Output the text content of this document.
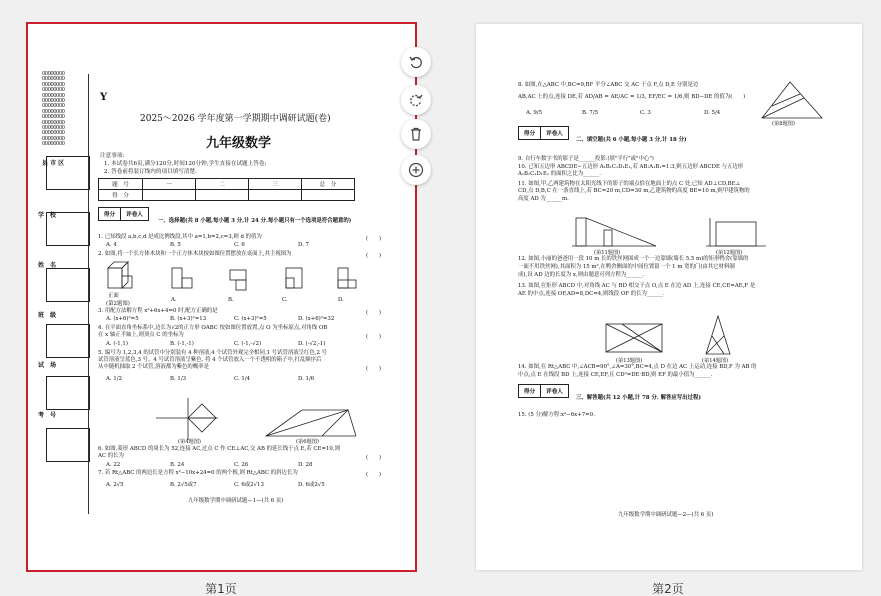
OOOOOOOO
OOOOOOOO
OOOOOOOO
OOOOOOOO
OOOOOOOO
OOOOOOOO
OOOOOOOO
OOOOOOOO
OOOOOOOO
OOOOOOOO
OOOOOOOO
OOOOOOOO
OOOOOOOO
OOOOOOOO
县 市 区
学　校
姓　名
班　级
试　场
考　号
Y
2025～2026 学年度第一学期期中调研试题(卷)
九年级数学
注意事项:
1. 本试卷共6页,满分120分,时间120分钟,学生直接在试题上答卷;
2. 答卷前将装订线内的项目填写清楚.
题　号	一	二	三	总　分
得　分				
得分	评卷人
一、选择题(共 8 小题,每小题 3 分,计 24 分.每小题只有一个选项是符合题意的)
1. 已知线段 a,b,c,d 是成比例线段,其中 a=1,b=2,c=3,则 d 的值为	(　　)
A. 4	B. 5	C. 6	D. 7
2. 如图,将一个长方体木块和一个正方体木块按如图位置摆放在桌面上,其主视图为	(　　)
正面
(第2题图)
A.	B.	C.	D.
3. 用配方法解方程 x²+6x+4=0 时,配方正确的是	(　　)
A. (x+6)²=5	B. (x+3)²=13	C. (x+3)²=5	D. (x+6)²=32
4. 在平面直角坐标系中,边长为√2的正方形 OABC 按如图位置放置,点 O 为坐标原点,对角线 OB
在 x 轴正半轴上,则顶点 C 的坐标为	(　　)
A. (-1,1)	B. (-1,-1)	C. (-1,-√2)	D. (-√2,-1)
5. 编号为 1,2,3,4 的试管中分别装有 4 种溶液,4 个试管外观完全相同,1 号试管溶液呈红色,2 号
试管溶液呈蓝色,3 号、4 号试管溶液呈紫色. 将 4 个试管放入一个不透明的箱子中,打乱顺序后
从中随机抽取 2 个试管,溶液都为紫色的概率是	(　　)
A. 1/2	B. 1/3	C. 1/4	D. 1/6
(第4题图)	(第6题图)
6. 如图,菱形 ABCD 的周长为 52,连接 AC,过点 C 作 CE⊥AC,交 AB 的延长线于点 E,若 CE=10,则
AC 的长为	(　　)
A. 22	B. 24	C. 26	D. 28
7. 若 Rt△ABC 的两边长是方程 x²−10x+24=0 的两个根,则 Rt△ABC 的斜边长为	(　　)
A. 2√5	B. 2√5或7	C. 6或2√13	D. 6或2√5
九年级数学期中调研试题—1—(共 6 页)
8. 如图,在△ABC 中,BC=9,BF 平分∠ABC 交 AC 于点 F,点 D,E 分别是边
AB,AC 上的点,连接 DE,若 AD/AB = AE/AC = 1/3, EF/EC = 1/6,则 BD−DE 的值为(　　)
A. 9/5	B. 7/5	C. 3	D. 5/4
(第8题图)
得分	评卷人
二、填空题(共 6 小题,每小题 3 分,计 18 分)
9. 自行车数字书的影子是______投影.(填"平行"或"中心")
10. 已知五边形 ABCDE∽五边形 A₁B₁C₁D₁E₁,若 AB:A₁B₁=1:3,则五边形 ABCDE 与五边形
A₁B₁C₁D₁E₁ 的面积之比为______.
11. 如图,甲,乙两建筑物在太阳光线下的影子的端点恰在地面上的点 C 处,已知 AD⊥CD,BE⊥
CD,点 D,B,C 在一条直线上,若 BC=20 m,CD=30 m,乙建筑物的高度 BE=10 m,则甲建筑物的
高度 AD 为______m.
(第11题图)	(第12题图)
12. 如图,小丽的爸爸用一段 10 m 长的铁丝网围成一个一边靠墙(墙长 5.5 m)的矩形鸭舍(靠墙的
一面不用铁丝网),其面积为 15 m²,在鸭舍侧面的中间位置留一个 1 m 宽的门(由其它材料制
成),设 AD 边的长度为 x,则由题意可列方程为______.
13. 如图,在矩形 ABCD 中,对角线 AC 与 BD 相交于点 O,点 E 在边 AD 上,连接 CE,CE=AE,F 是
AE 的中点,连接 OF,AD=8,DC=4,则线段 OF 的长为______.
(第13题图)	(第14题图)
14. 如图,在 Rt△ABC 中,∠ACB=90°,∠A=30°,BC=4,点 D 在边 AC 上运动,连接 BD,F 为 AB 的
中点,点 E 在线段 BD 上,连接 CE,EF,且 CD²=DE·BD,则 EF 的最小值为______.
得分	评卷人
三、解答题(共 12 小题,计 78 分. 解答应写出过程)
15. (5 分)解方程:x²−6x+7=0.
九年级数学期中调研试题—2—(共 6 页)
第1页	第2页
